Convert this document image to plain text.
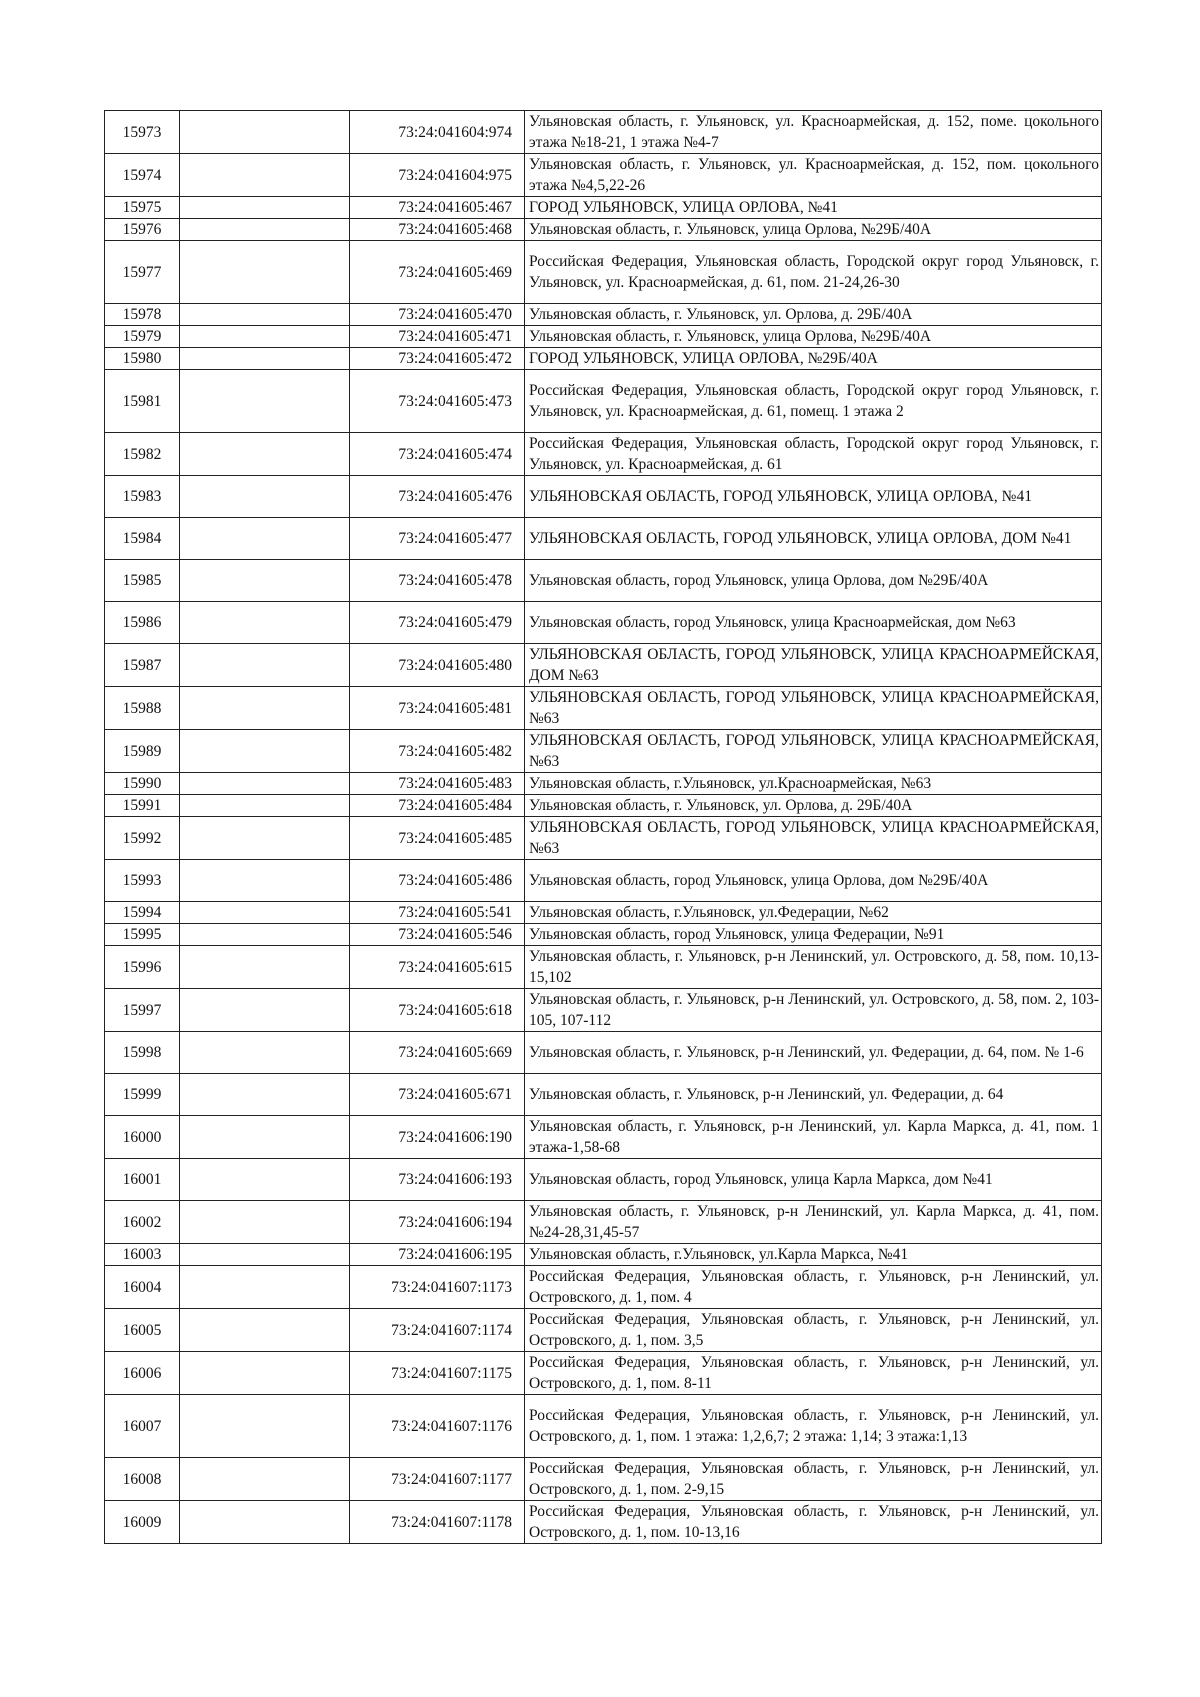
15973		73:24:041604:974	Ульяновская область, г. Ульяновск, ул. Красноармейская, д. 152, поме. цокольного этажа №18-21, 1 этажа №4-7
15974		73:24:041604:975	Ульяновская область, г. Ульяновск, ул. Красноармейская, д. 152, пом. цокольного этажа №4,5,22-26
15975		73:24:041605:467	ГОРОД УЛЬЯНОВСК, УЛИЦА ОРЛОВА, №41
15976		73:24:041605:468	Ульяновская область, г. Ульяновск, улица Орлова, №29Б/40А
15977		73:24:041605:469	Российская Федерация, Ульяновская область, Городской округ город Ульяновск, г. Ульяновск, ул. Красноармейская, д. 61, пом. 21-24,26-30
15978		73:24:041605:470	Ульяновская область, г. Ульяновск, ул. Орлова, д. 29Б/40А
15979		73:24:041605:471	Ульяновская область, г. Ульяновск, улица Орлова, №29Б/40А
15980		73:24:041605:472	ГОРОД УЛЬЯНОВСК, УЛИЦА ОРЛОВА, №29Б/40А
15981		73:24:041605:473	Российская Федерация, Ульяновская область, Городской округ город Ульяновск, г. Ульяновск, ул. Красноармейская, д. 61, помещ. 1 этажа 2
15982		73:24:041605:474	Российская Федерация, Ульяновская область, Городской округ город Ульяновск, г. Ульяновск, ул. Красноармейская, д. 61
15983		73:24:041605:476	УЛЬЯНОВСКАЯ ОБЛАСТЬ, ГОРОД УЛЬЯНОВСК, УЛИЦА ОРЛОВА, №41
15984		73:24:041605:477	УЛЬЯНОВСКАЯ ОБЛАСТЬ, ГОРОД УЛЬЯНОВСК, УЛИЦА ОРЛОВА, ДОМ №41
15985		73:24:041605:478	Ульяновская область, город Ульяновск, улица Орлова, дом №29Б/40А
15986		73:24:041605:479	Ульяновская область, город Ульяновск, улица Красноармейская, дом №63
15987		73:24:041605:480	УЛЬЯНОВСКАЯ ОБЛАСТЬ, ГОРОД УЛЬЯНОВСК, УЛИЦА КРАСНОАРМЕЙСКАЯ, ДОМ №63
15988		73:24:041605:481	УЛЬЯНОВСКАЯ ОБЛАСТЬ, ГОРОД УЛЬЯНОВСК, УЛИЦА КРАСНОАРМЕЙСКАЯ, №63
15989		73:24:041605:482	УЛЬЯНОВСКАЯ ОБЛАСТЬ, ГОРОД УЛЬЯНОВСК, УЛИЦА КРАСНОАРМЕЙСКАЯ, №63
15990		73:24:041605:483	Ульяновская область, г.Ульяновск, ул.Красноармейская, №63
15991		73:24:041605:484	Ульяновская область, г. Ульяновск, ул. Орлова, д. 29Б/40А
15992		73:24:041605:485	УЛЬЯНОВСКАЯ ОБЛАСТЬ, ГОРОД УЛЬЯНОВСК, УЛИЦА КРАСНОАРМЕЙСКАЯ, №63
15993		73:24:041605:486	Ульяновская область, город Ульяновск, улица Орлова, дом №29Б/40А
15994		73:24:041605:541	Ульяновская область, г.Ульяновск, ул.Федерации, №62
15995		73:24:041605:546	Ульяновская область, город Ульяновск, улица Федерации, №91
15996		73:24:041605:615	Ульяновская область, г. Ульяновск, р-н Ленинский, ул. Островского, д. 58, пом. 10,13-15,102
15997		73:24:041605:618	Ульяновская область, г. Ульяновск, р-н Ленинский, ул. Островского, д. 58, пом. 2, 103-105, 107-112
15998		73:24:041605:669	Ульяновская область, г. Ульяновск, р-н Ленинский, ул. Федерации, д. 64, пом. № 1-6
15999		73:24:041605:671	Ульяновская область, г. Ульяновск, р-н Ленинский, ул. Федерации, д. 64
16000		73:24:041606:190	Ульяновская область, г. Ульяновск, р-н Ленинский, ул. Карла Маркса, д. 41, пом. 1 этажа-1,58-68
16001		73:24:041606:193	Ульяновская область, город Ульяновск, улица Карла Маркса, дом №41
16002		73:24:041606:194	Ульяновская область, г. Ульяновск, р-н Ленинский, ул. Карла Маркса, д. 41, пом. №24-28,31,45-57
16003		73:24:041606:195	Ульяновская область, г.Ульяновск, ул.Карла Маркса, №41
16004		73:24:041607:1173	Российская Федерация, Ульяновская область, г. Ульяновск, р-н Ленинский, ул. Островского, д. 1, пом. 4
16005		73:24:041607:1174	Российская Федерация, Ульяновская область, г. Ульяновск, р-н Ленинский, ул. Островского, д. 1, пом. 3,5
16006		73:24:041607:1175	Российская Федерация, Ульяновская область, г. Ульяновск, р-н Ленинский, ул. Островского, д. 1, пом. 8-11
16007		73:24:041607:1176	Российская Федерация, Ульяновская область, г. Ульяновск, р-н Ленинский, ул. Островского, д. 1, пом. 1 этажа: 1,2,6,7; 2 этажа: 1,14; 3 этажа:1,13
16008		73:24:041607:1177	Российская Федерация, Ульяновская область, г. Ульяновск, р-н Ленинский, ул. Островского, д. 1, пом. 2-9,15
16009		73:24:041607:1178	Российская Федерация, Ульяновская область, г. Ульяновск, р-н Ленинский, ул. Островского, д. 1, пом. 10-13,16
